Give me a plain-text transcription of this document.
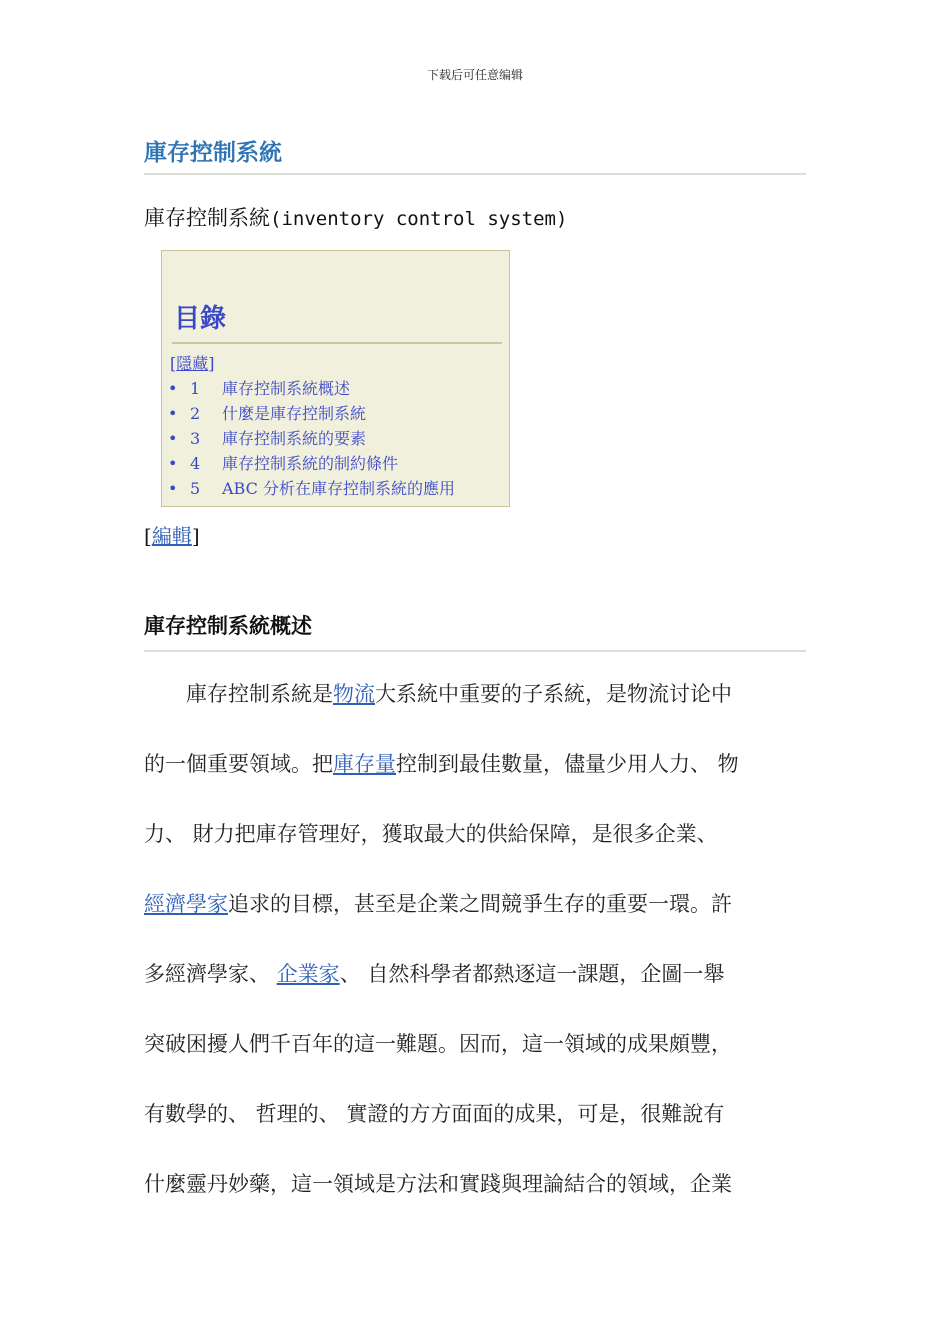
下载后可任意编辑
庫存控制系統
庫存控制系統(inventory control system)
目錄
[隱藏]
• 1 庫存控制系統概述
• 2 什麼是庫存控制系統
• 3 庫存控制系統的要素
• 4 庫存控制系統的制約條件
• 5 ABC 分析在庫存控制系統的應用
[編輯]
庫存控制系統概述
　　庫存控制系統是物流大系統中重要的子系統，是物流讨论中
的一個重要領域。把庫存量控制到最佳數量，儘量少用人力、 物
力、 財力把庫存管理好，獲取最大的供給保障，是很多企業、
經濟學家追求的目標，甚至是企業之間競爭生存的重要一環。許
多經濟學家、 企業家、 自然科學者都熱逐這一課題，企圖一舉
突破困擾人們千百年的這一難題。因而，這一領域的成果頗豐，
有數學的、 哲理的、 實證的方方面面的成果，可是，很難說有
什麼靈丹妙藥，這一領域是方法和實踐與理論結合的領域，企業
